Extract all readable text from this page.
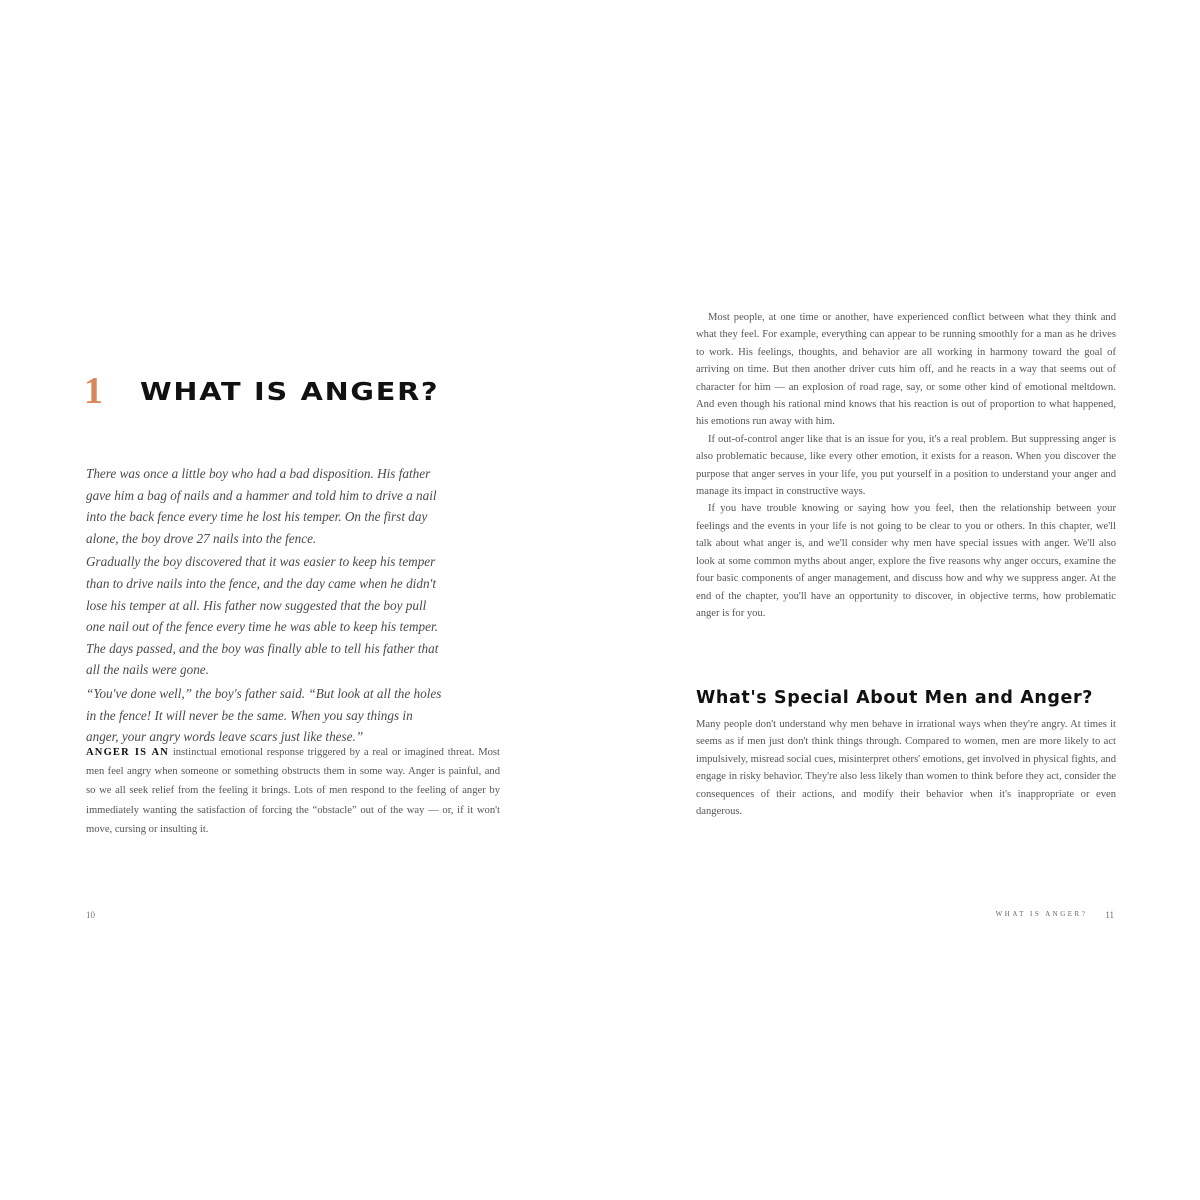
1	WHAT IS ANGER?

There was once a little boy who had a bad disposition. His father gave him a bag of nails and a hammer and told him to drive a nail into the back fence every time he lost his temper. On the first day alone, the boy drove 27 nails into the fence.

Gradually the boy discovered that it was easier to keep his temper than to drive nails into the fence, and the day came when he didn't lose his temper at all. His father now suggested that the boy pull one nail out of the fence every time he was able to keep his temper. The days passed, and the boy was finally able to tell his father that all the nails were gone.

“You've done well,” the boy's father said. “But look at all the holes in the fence! It will never be the same. When you say things in anger, your angry words leave scars just like these.”

ANGER IS AN instinctual emotional response triggered by a real or imagined threat. Most men feel angry when someone or something obstructs them in some way. Anger is painful, and so we all seek relief from the feeling it brings. Lots of men respond to the feeling of anger by immediately wanting the satisfaction of forcing the “obstacle” out of the way — or, if it won't move, cursing or insulting it.
10

Most people, at one time or another, have experienced conflict between what they think and what they feel. For example, everything can appear to be running smoothly for a man as he drives to work. His feelings, thoughts, and behavior are all working in harmony toward the goal of arriving on time. But then another driver cuts him off, and he reacts in a way that seems out of character for him — an explosion of road rage, say, or some other kind of emotional meltdown. And even though his rational mind knows that his reaction is out of proportion to what happened, his emotions run away with him.

If out-of-control anger like that is an issue for you, it's a real problem. But suppressing anger is also problematic because, like every other emotion, it exists for a reason. When you discover the purpose that anger serves in your life, you put yourself in a position to understand your anger and manage its impact in constructive ways.

If you have trouble knowing or saying how you feel, then the relationship between your feelings and the events in your life is not going to be clear to you or others. In this chapter, we'll talk about what anger is, and we'll consider why men have special issues with anger. We'll also look at some common myths about anger, explore the five reasons why anger occurs, examine the four basic components of anger management, and discuss how and why we suppress anger. At the end of the chapter, you'll have an opportunity to discover, in objective terms, how problematic anger is for you.

What's Special About Men and Anger?

Many people don't understand why men behave in irrational ways when they're angry. At times it seems as if men just don't think things through. Compared to women, men are more likely to act impulsively, misread social cues, misinterpret others' emotions, get involved in physical fights, and engage in risky behavior. They're also less likely than women to think before they act, consider the consequences of their actions, and modify their behavior when it's inappropriate or even dangerous.

WHAT IS ANGER? 11
